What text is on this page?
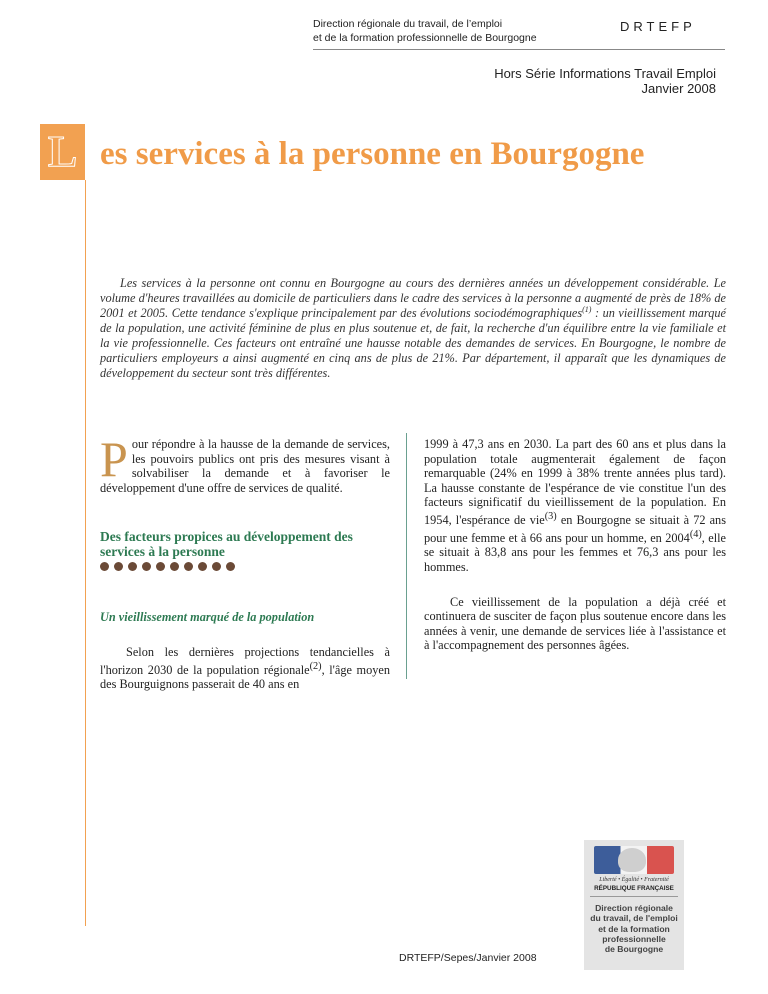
Direction régionale du travail, de l’emploi
et de la formation professionnelle de Bourgogne
DRTEFP
Hors Série Informations Travail Emploi
Janvier 2008
L es services à la personne en Bourgogne
Les services à la personne ont connu en Bourgogne au cours des dernières années un développement considérable. Le volume d'heures travaillées au domicile de particuliers dans le cadre des services à la personne a augmenté de près de 18% de 2001 et 2005. Cette tendance s'explique principalement par des évolutions sociodémographiques$^{(1)}$ : un vieillissement marqué de la population, une activité féminine de plus en plus soutenue et, de fait, la recherche d'un équilibre entre la vie familiale et la vie professionnelle. Ces facteurs ont entraîné une hausse notable des demandes de services. En Bourgogne, le nombre de particuliers employeurs a ainsi augmenté en cinq ans de plus de 21%. Par département, il apparaît que les dynamiques de développement du secteur sont très différentes.

Pour répondre à la hausse de la demande de services, les pouvoirs publics ont pris des mesures visant à solvabiliser la demande et à favoriser le développement d'une offre de services de qualité.

Des facteurs propices au développement des services à la personne
Un vieillissement marqué de la population

Selon les dernières projections tendancielles à l'horizon 2030 de la population régionale$^{(2)}$, l'âge moyen des Bourguignons passerait de 40 ans en

1999 à 47,3 ans en 2030. La part des 60 ans et plus dans la population totale augmenterait également de façon remarquable (24% en 1999 à 38% trente années plus tard). La hausse constante de l'espérance de vie constitue l'un des facteurs significatif du vieillissement de la population. En 1954, l'espérance de vie$^{(3)}$ en Bourgogne se situait à 72 ans pour une femme et à 66 ans pour un homme, en 2004$^{(4)}$, elle se situait à 83,8 ans pour les femmes et 76,3 ans pour les hommes.

Ce vieillissement de la population a déjà créé et continuera de susciter de façon plus soutenue encore dans les années à venir, une demande de services liée à l'assistance et à l'accompagnement des personnes âgées.

Liberté • Égalité • Fraternité
RÉPUBLIQUE FRANÇAISE
Direction régionale
du travail, de l'emploi
et de la formation
professionnelle
de Bourgogne
DRTEFP/Sepes/Janvier 2008
